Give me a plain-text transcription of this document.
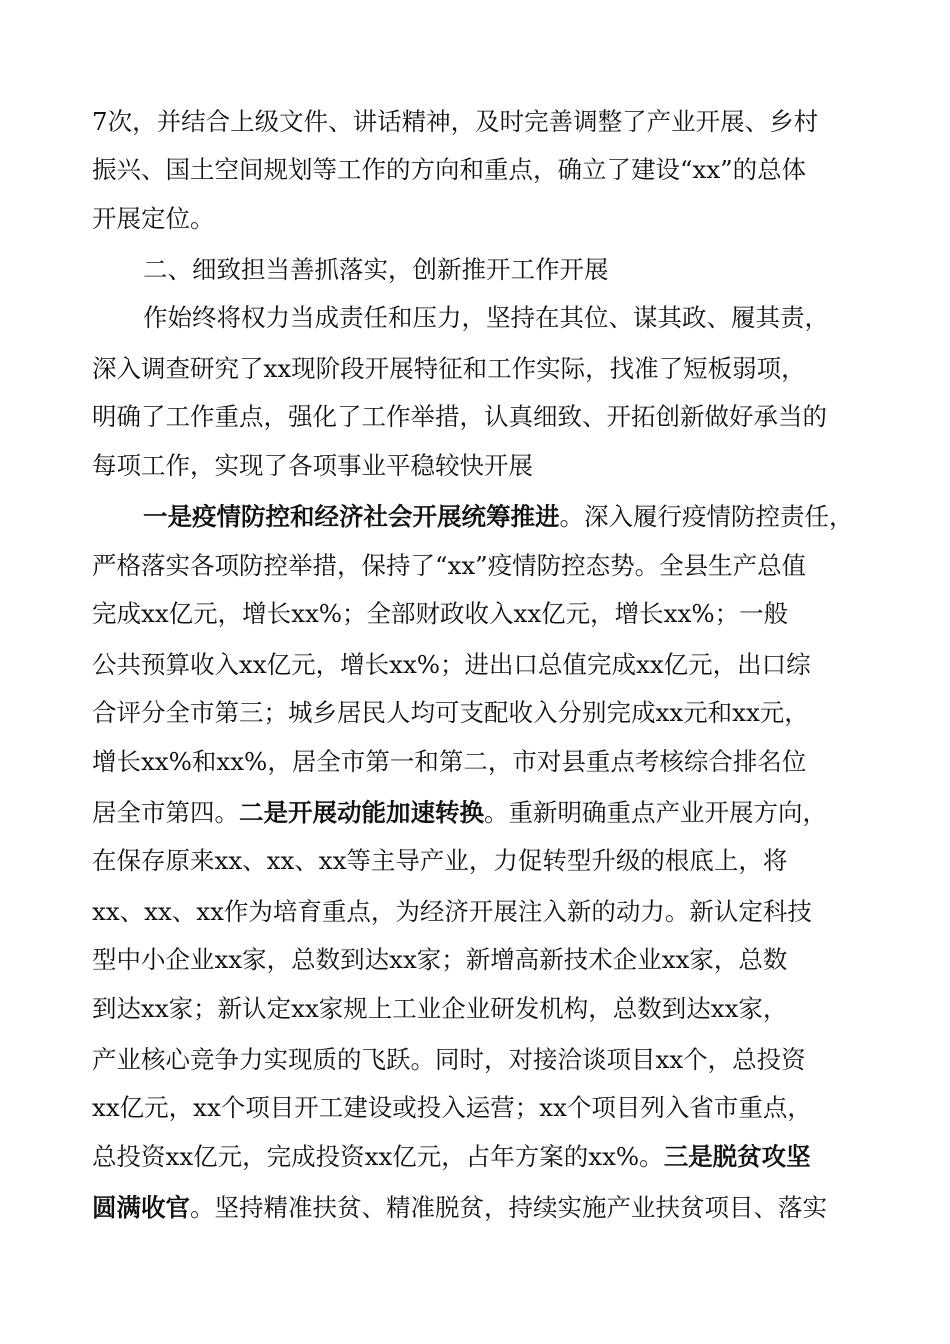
7次，并结合上级文件、讲话精神，及时完善调整了产业开展、乡村
振兴、国土空间规划等工作的方向和重点，确立了建设“xx”的总体
开展定位。
二、细致担当善抓落实，创新推开工作开展
作始终将权力当成责任和压力，坚持在其位、谋其政、履其责，
深入调查研究了xx现阶段开展特征和工作实际，找准了短板弱项，
明确了工作重点，强化了工作举措，认真细致、开拓创新做好承当的
每项工作，实现了各项事业平稳较快开展
一是疫情防控和经济社会开展统筹推进。深入履行疫情防控责任，
严格落实各项防控举措，保持了“xx”疫情防控态势。全县生产总值
完成xx亿元，增长xx%；全部财政收入xx亿元，增长xx%；一般
公共预算收入xx亿元，增长xx%；进出口总值完成xx亿元，出口综
合评分全市第三；城乡居民人均可支配收入分别完成xx元和xx元，
增长xx%和xx%，居全市第一和第二，市对县重点考核综合排名位
居全市第四。二是开展动能加速转换。重新明确重点产业开展方向，
在保存原来xx、xx、xx等主导产业，力促转型升级的根底上，将
xx、xx、xx作为培育重点，为经济开展注入新的动力。新认定科技
型中小企业xx家，总数到达xx家；新增高新技术企业xx家，总数
到达xx家；新认定xx家规上工业企业研发机构，总数到达xx家，
产业核心竞争力实现质的飞跃。同时，对接洽谈项目xx个，总投资
xx亿元，xx个项目开工建设或投入运营；xx个项目列入省市重点，
总投资xx亿元，完成投资xx亿元，占年方案的xx%。三是脱贫攻坚
圆满收官。坚持精准扶贫、精准脱贫，持续实施产业扶贫项目、落实
